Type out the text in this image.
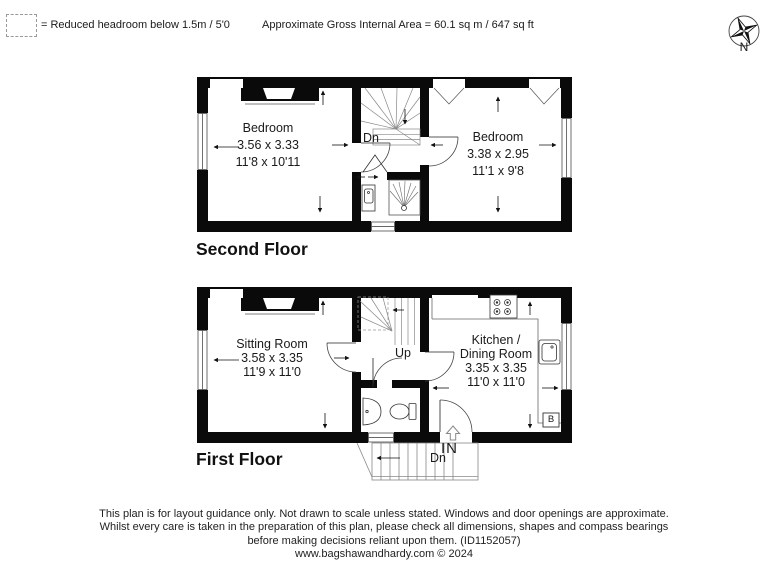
= Reduced headroom below 1.5m / 5'0	Approximate Gross Internal Area = 60.1 sq m / 647 sq ft
N
Bedroom
3.56 x 3.33
11'8 x 10'11
Bedroom
3.38 x 2.95
11'1 x 9'8
Dn
Second Floor
Sitting Room
3.58 x 3.35
11'9 x 11'0
Kitchen /
Dining Room
3.35 x 3.35
11'0 x 11'0
Up
IN
Dn
B
First Floor
This plan is for layout guidance only. Not drawn to scale unless stated. Windows and door openings are approximate.
Whilst every care is taken in the preparation of this plan, please check all dimensions, shapes and compass bearings
before making decisions reliant upon them. (ID1152057)
www.bagshawandhardy.com © 2024
